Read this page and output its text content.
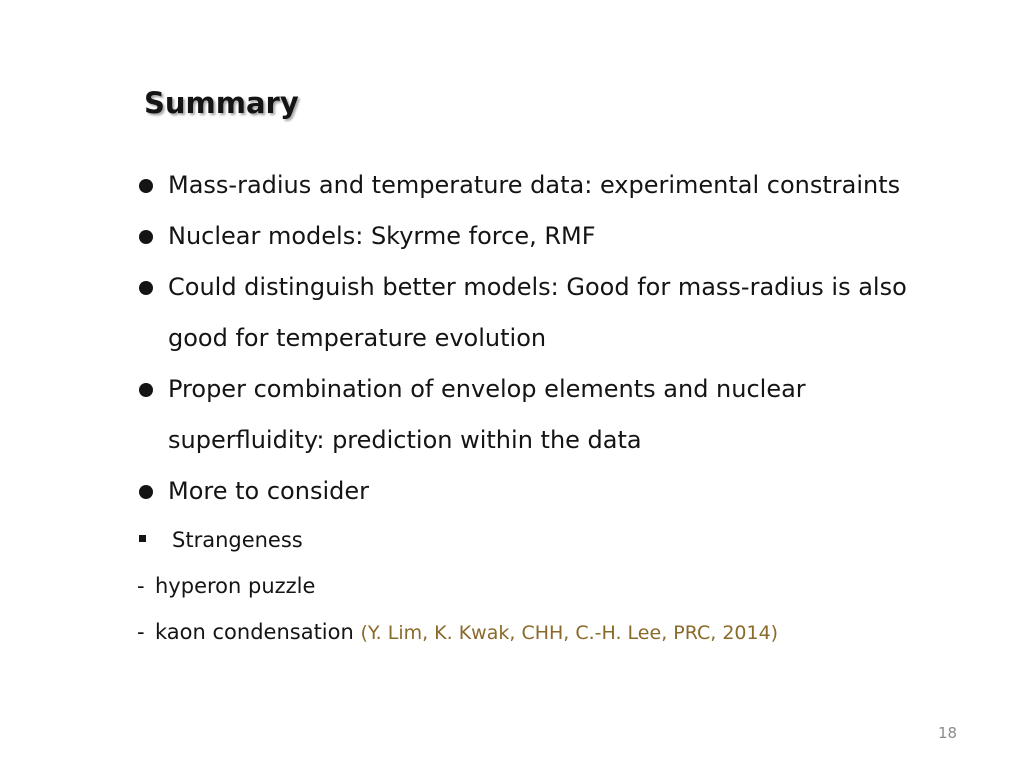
Summary
Mass-radius and temperature data: experimental constraints
Nuclear models: Skyrme force, RMF
Could distinguish better models: Good for mass-radius is also good for temperature evolution
Proper combination of envelop elements and nuclear superfluidity: prediction within the data
More to consider
Strangeness
- hyperon puzzle
- kaon condensation (Y. Lim, K. Kwak, CHH, C.-H. Lee, PRC, 2014)
18
